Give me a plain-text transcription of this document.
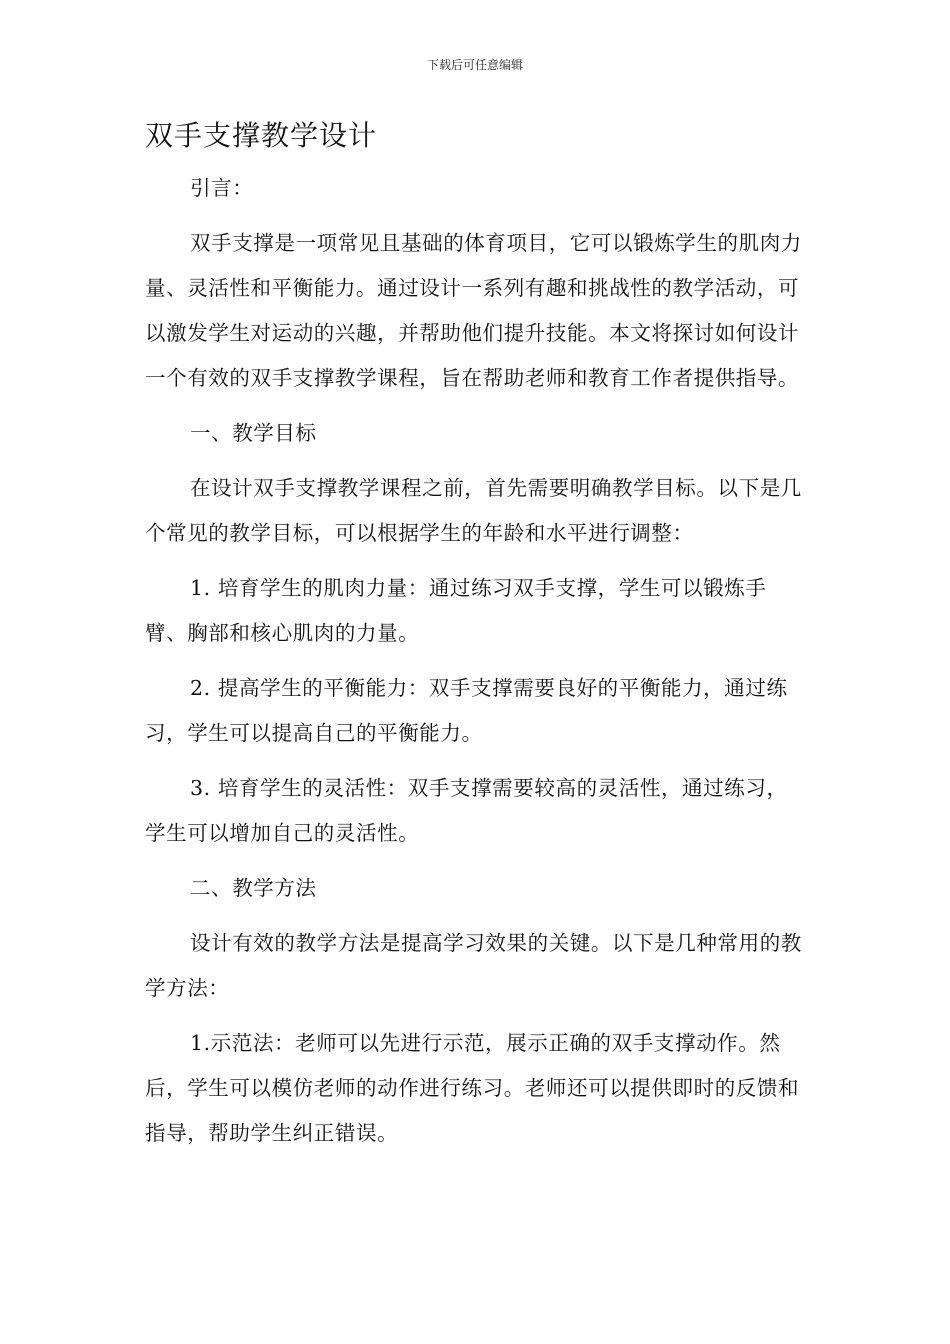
下载后可任意编辑
双手支撑教学设计

引言：

双手支撑是一项常见且基础的体育项目，它可以锻炼学生的肌肉力量、灵活性和平衡能力。通过设计一系列有趣和挑战性的教学活动，可以激发学生对运动的兴趣，并帮助他们提升技能。本文将探讨如何设计一个有效的双手支撑教学课程，旨在帮助老师和教育工作者提供指导。

一、教学目标

在设计双手支撑教学课程之前，首先需要明确教学目标。以下是几个常见的教学目标，可以根据学生的年龄和水平进行调整：

1. 培育学生的肌肉力量：通过练习双手支撑，学生可以锻炼手臂、胸部和核心肌肉的力量。

2. 提高学生的平衡能力：双手支撑需要良好的平衡能力，通过练习，学生可以提高自己的平衡能力。

3. 培育学生的灵活性：双手支撑需要较高的灵活性，通过练习，学生可以增加自己的灵活性。

二、教学方法

设计有效的教学方法是提高学习效果的关键。以下是几种常用的教学方法：

1.示范法：老师可以先进行示范，展示正确的双手支撑动作。然后，学生可以模仿老师的动作进行练习。老师还可以提供即时的反馈和指导，帮助学生纠正错误。
